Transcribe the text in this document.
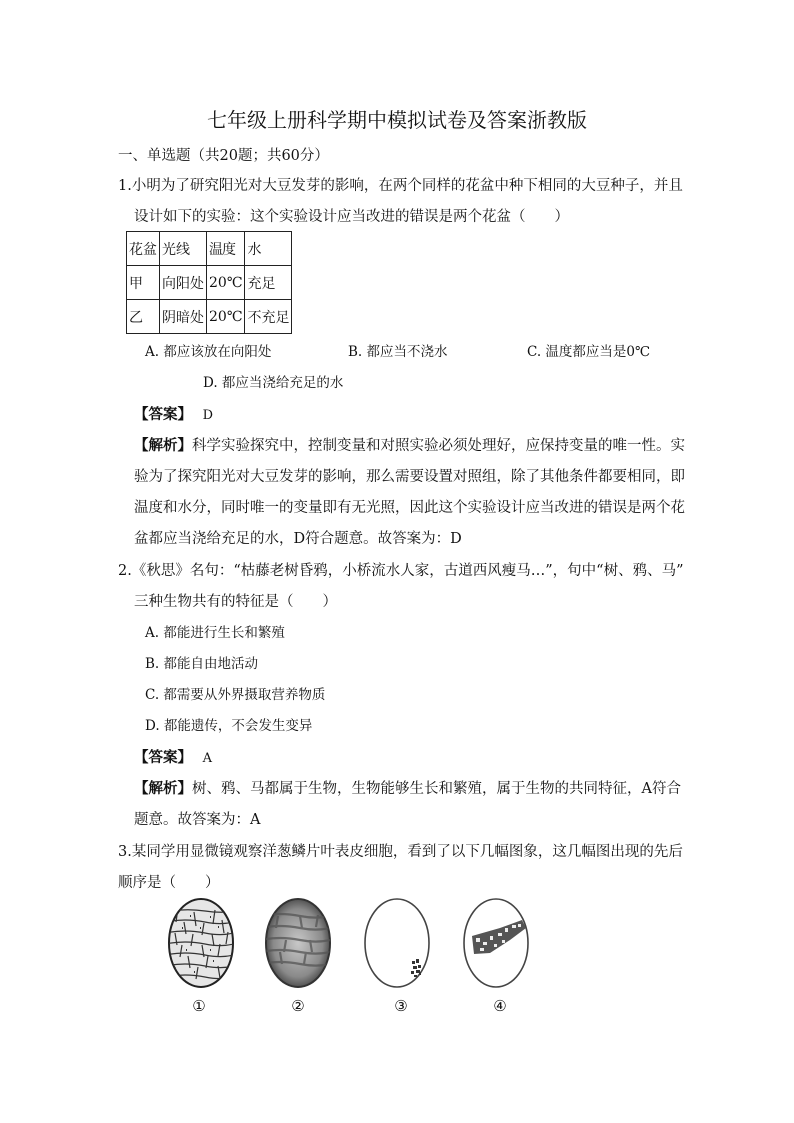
七年级上册科学期中模拟试卷及答案浙教版
一、单选题（共20题；共60分）
1.小明为了研究阳光对大豆发芽的影响，在两个同样的花盆中种下相同的大豆种子，并且
设计如下的实验：这个实验设计应当改进的错误是两个花盆（　　）
花盆	光线	温度	水
甲	向阳处	20℃	充足
乙	阴暗处	20℃	不充足
A. 都应该放在向阳处	B. 都应当不浇水	C. 温度都应当是0℃
D. 都应当浇给充足的水
【答案】 D
【解析】科学实验探究中，控制变量和对照实验必须处理好，应保持变量的唯一性。实
验为了探究阳光对大豆发芽的影响，那么需要设置对照组，除了其他条件都要相同，即
温度和水分，同时唯一的变量即有无光照，因此这个实验设计应当改进的错误是两个花
盆都应当浇给充足的水，D符合题意。故答案为：D
2.《秋思》名句：“枯藤老树昏鸦，小桥流水人家，古道西风瘦马…”，句中“树、鸦、马”
三种生物共有的特征是（　　）
A. 都能进行生长和繁殖
B. 都能自由地活动
C. 都需要从外界摄取营养物质
D. 都能遗传，不会发生变异
【答案】 A
【解析】树、鸦、马都属于生物，生物能够生长和繁殖，属于生物的共同特征，A符合
题意。故答案为：A
3.某同学用显微镜观察洋葱鳞片叶表皮细胞，看到了以下几幅图象，这几幅图出现的先后
顺序是（　　）
①	②	③	④
